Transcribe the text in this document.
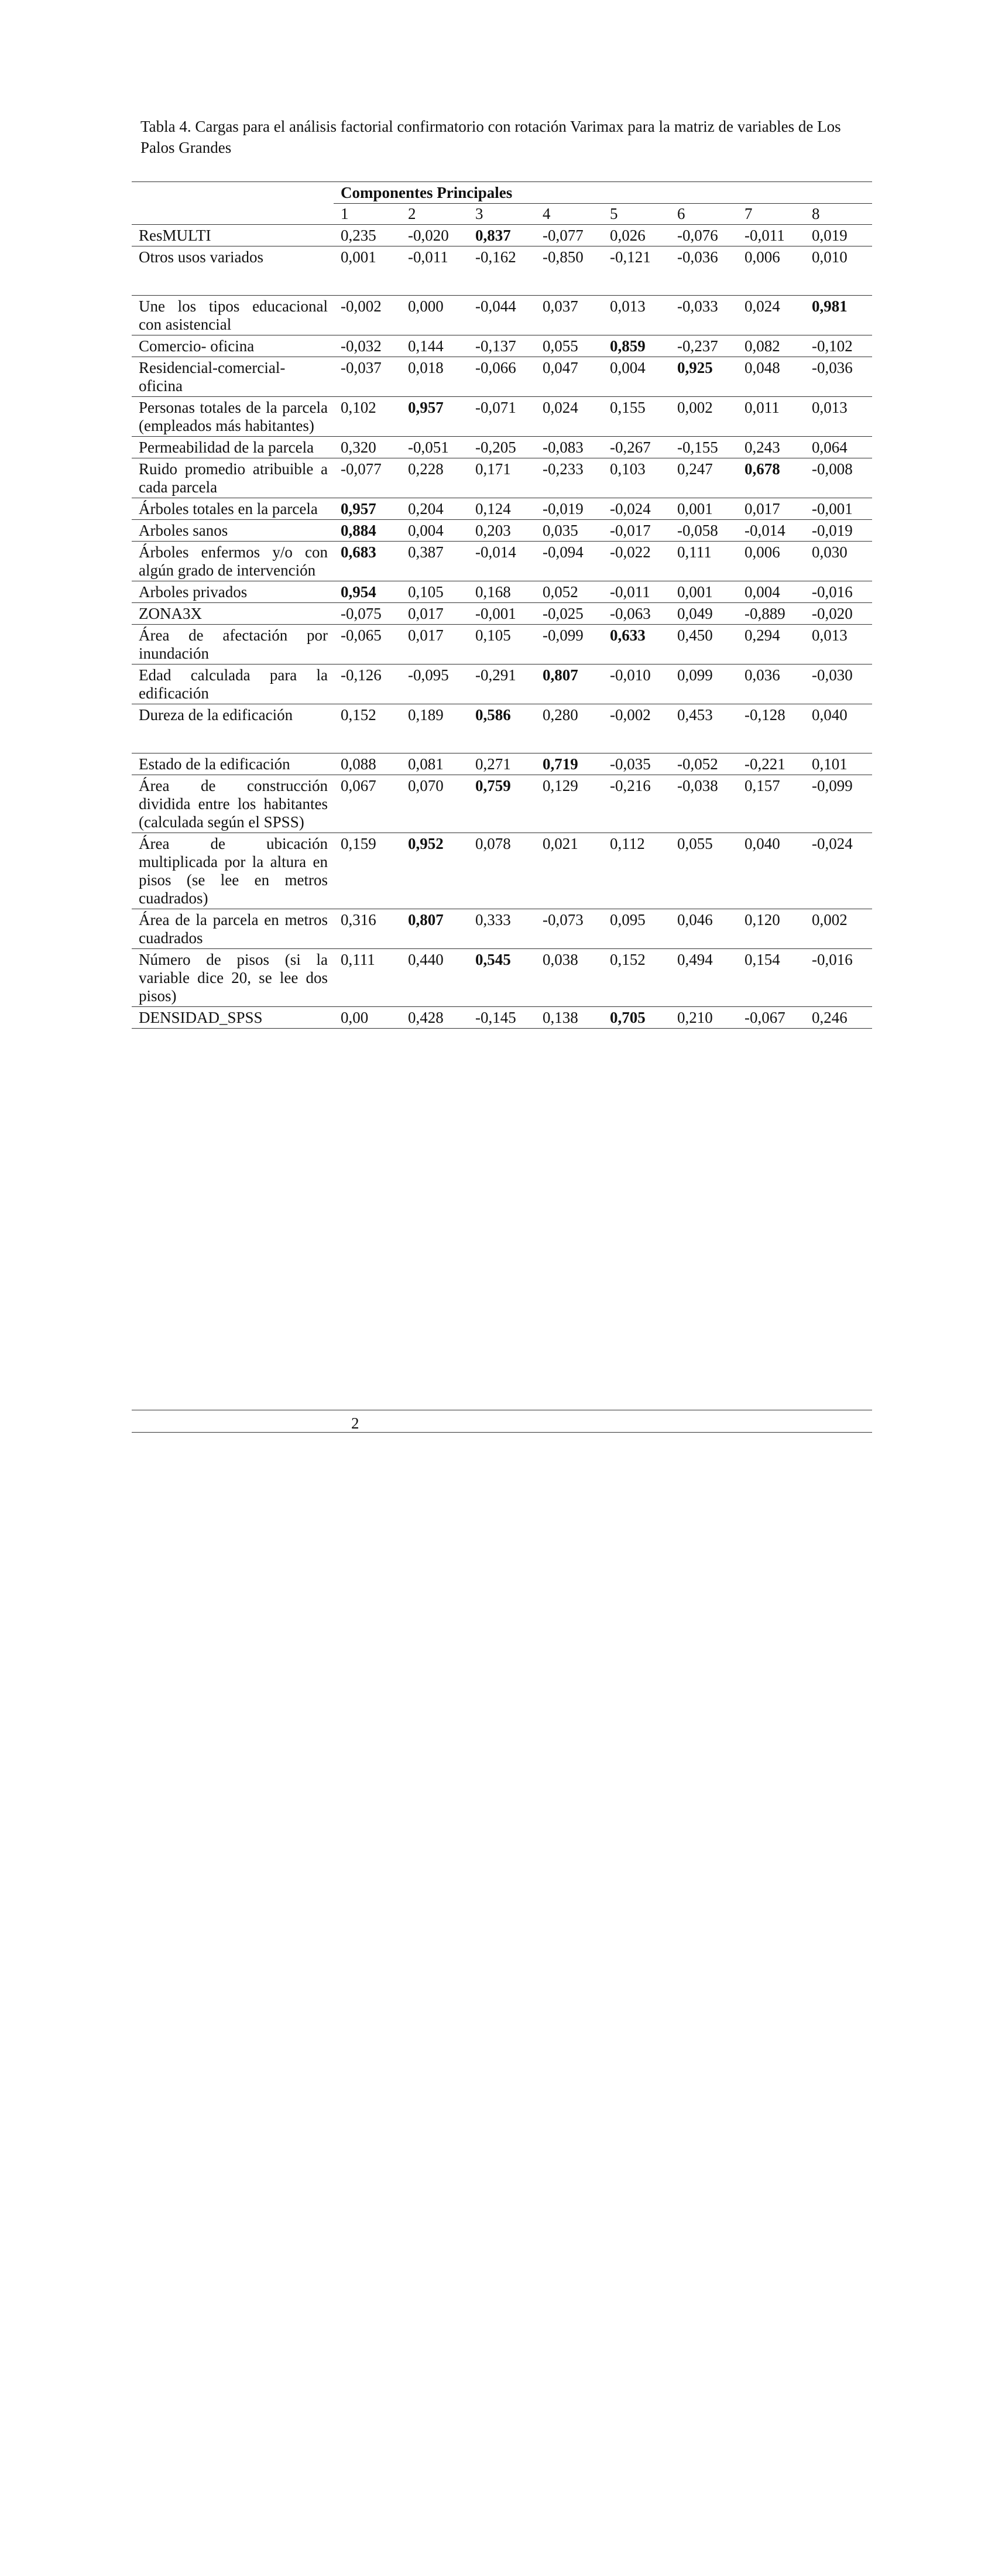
Tabla 4. Cargas para el análisis factorial confirmatorio con rotación Varimax para la matriz de variables de Los Palos Grandes
	Componentes Principales							
	1	2	3	4	5	6	7	8
ResMULTI	0,235	-0,020	0,837	-0,077	0,026	-0,076	-0,011	0,019
Otros usos variados	0,001	-0,011	-0,162	-0,850	-0,121	-0,036	0,006	0,010

Une los tipos educacional con asistencial	-0,002	0,000	-0,044	0,037	0,013	-0,033	0,024	0,981
Comercio- oficina	-0,032	0,144	-0,137	0,055	0,859	-0,237	0,082	-0,102
Residencial-comercial-oficina	-0,037	0,018	-0,066	0,047	0,004	0,925	0,048	-0,036
Personas totales de la parcela (empleados más habitantes)	0,102	0,957	-0,071	0,024	0,155	0,002	0,011	0,013
Permeabilidad de la parcela	0,320	-0,051	-0,205	-0,083	-0,267	-0,155	0,243	0,064
Ruido promedio atribuible a cada parcela	-0,077	0,228	0,171	-0,233	0,103	0,247	0,678	-0,008
Árboles totales en la parcela	0,957	0,204	0,124	-0,019	-0,024	0,001	0,017	-0,001
Arboles sanos	0,884	0,004	0,203	0,035	-0,017	-0,058	-0,014	-0,019
Árboles enfermos y/o con algún grado de intervención	0,683	0,387	-0,014	-0,094	-0,022	0,111	0,006	0,030
Arboles privados	0,954	0,105	0,168	0,052	-0,011	0,001	0,004	-0,016
ZONA3X	-0,075	0,017	-0,001	-0,025	-0,063	0,049	-0,889	-0,020
Área de afectación por inundación	-0,065	0,017	0,105	-0,099	0,633	0,450	0,294	0,013
Edad calculada para la edificación	-0,126	-0,095	-0,291	0,807	-0,010	0,099	0,036	-0,030
Dureza de la edificación	0,152	0,189	0,586	0,280	-0,002	0,453	-0,128	0,040

Estado de la edificación	0,088	0,081	0,271	0,719	-0,035	-0,052	-0,221	0,101
Área de construcción dividida entre los habitantes (calculada según el SPSS)	0,067	0,070	0,759	0,129	-0,216	-0,038	0,157	-0,099
Área de ubicación multiplicada por la altura en pisos (se lee en metros cuadrados)	0,159	0,952	0,078	0,021	0,112	0,055	0,040	-0,024
Área de la parcela en metros cuadrados	0,316	0,807	0,333	-0,073	0,095	0,046	0,120	0,002
Número de pisos (si la variable dice 20, se lee dos pisos)	0,111	0,440	0,545	0,038	0,152	0,494	0,154	-0,016
DENSIDAD_SPSS	0,00	0,428	-0,145	0,138	0,705	0,210	-0,067	0,246
2
